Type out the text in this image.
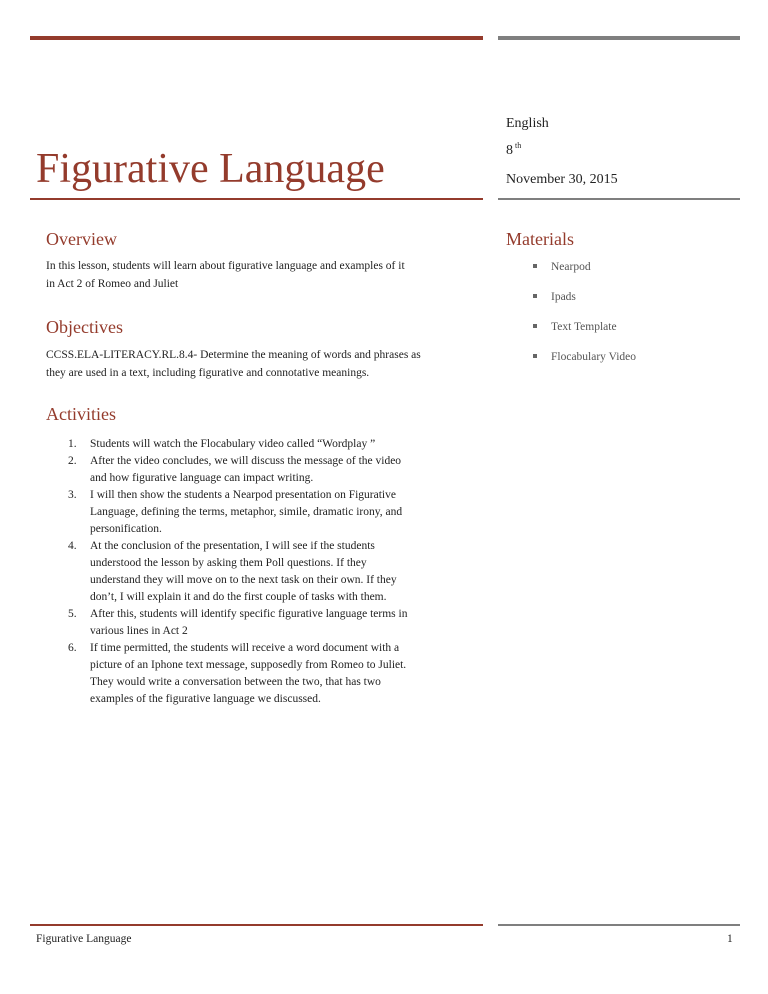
Figurative Language
English
8 $^{th}$
November 30, 2015
Overview
In this lesson, students will learn about figurative language and examples of it
in Act 2 of Romeo and Juliet
Objectives
CCSS.ELA-LITERACY.RL.8.4- Determine the meaning of words and phrases as
they are used in a text, including figurative and connotative meanings.
Activities
1. Students will watch the Flocabulary video called “Wordplay ”
2. After the video concludes, we will discuss the message of the video
and how figurative language can impact writing.
3. I will then show the students a Nearpod presentation on Figurative
Language, defining the terms, metaphor, simile, dramatic irony, and
personification.
4. At the conclusion of the presentation, I will see if the students
understood the lesson by asking them Poll questions. If they
understand they will move on to the next task on their own. If they
don’t, I will explain it and do the first couple of tasks with them.
5. After this, students will identify specific figurative language terms in
various lines in Act 2
6. If time permitted, the students will receive a word document with a
picture of an Iphone text message, supposedly from Romeo to Juliet.
They would write a conversation between the two, that has two
examples of the figurative language we discussed.
Materials
Nearpod
Ipads
Text Template
Flocabulary Video
Figurative Language	1
